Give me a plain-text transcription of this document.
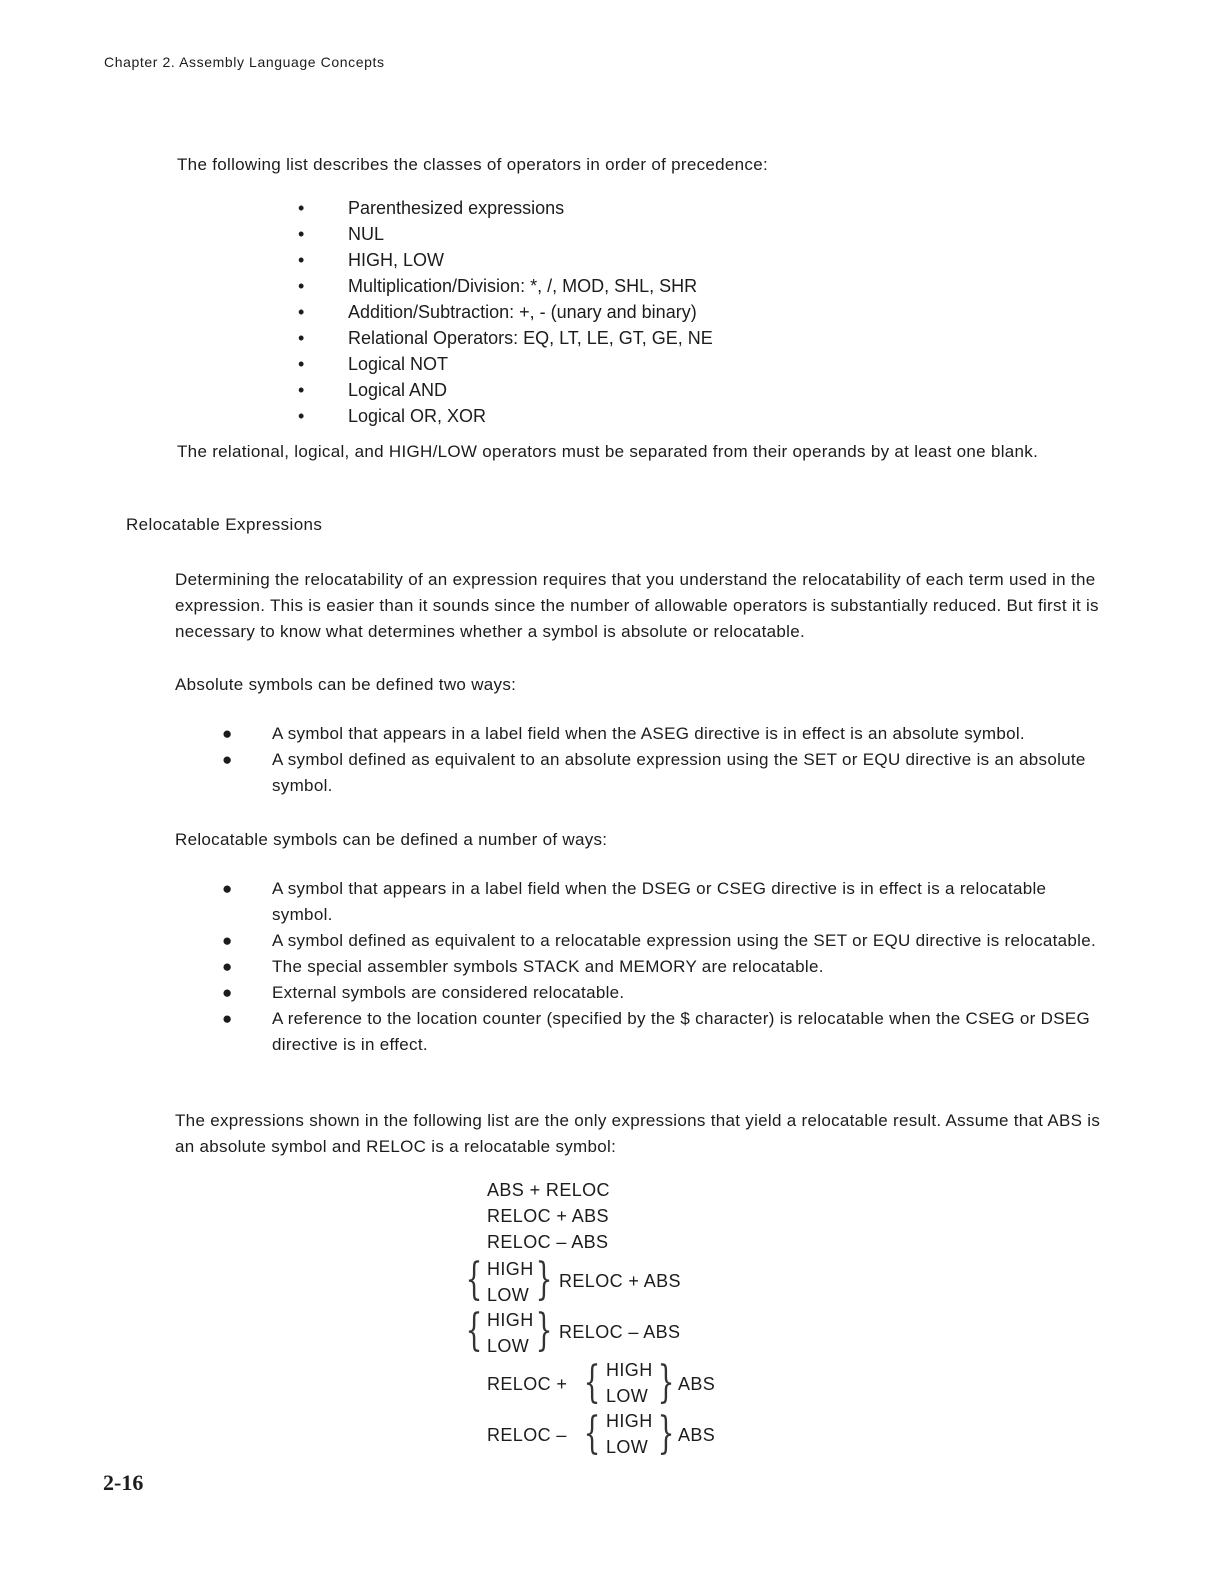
Chapter 2. Assembly Language Concepts
The following list describes the classes of operators in order of precedence:
• Parenthesized expressions
• NUL
• HIGH, LOW
• Multiplication/Division: *, /, MOD, SHL, SHR
• Addition/Subtraction: +, - (unary and binary)
• Relational Operators: EQ, LT, LE, GT, GE, NE
• Logical NOT
• Logical AND
• Logical OR, XOR
The relational, logical, and HIGH/LOW operators must be separated from their operands by at least one blank.
Relocatable Expressions
Determining the relocatability of an expression requires that you understand the relocatability of each term used in the expression. This is easier than it sounds since the number of allowable operators is substantially reduced. But first it is necessary to know what determines whether a symbol is absolute or relocatable.
Absolute symbols can be defined two ways:
● A symbol that appears in a label field when the ASEG directive is in effect is an absolute symbol.
● A symbol defined as equivalent to an absolute expression using the SET or EQU directive is an absolute symbol.
Relocatable symbols can be defined a number of ways:
● A symbol that appears in a label field when the DSEG or CSEG directive is in effect is a relocatable symbol.
● A symbol defined as equivalent to a relocatable expression using the SET or EQU directive is relocatable.
● The special assembler symbols STACK and MEMORY are relocatable.
● External symbols are considered relocatable.
● A reference to the location counter (specified by the $ character) is relocatable when the CSEG or DSEG directive is in effect.
The expressions shown in the following list are the only expressions that yield a relocatable result. Assume that ABS is an absolute symbol and RELOC is a relocatable symbol:
ABS + RELOC
RELOC + ABS
RELOC – ABS
{ HIGH
LOW } RELOC + ABS
{ HIGH
LOW } RELOC – ABS
RELOC + { HIGH
LOW } ABS
RELOC – { HIGH
LOW } ABS
2-16
